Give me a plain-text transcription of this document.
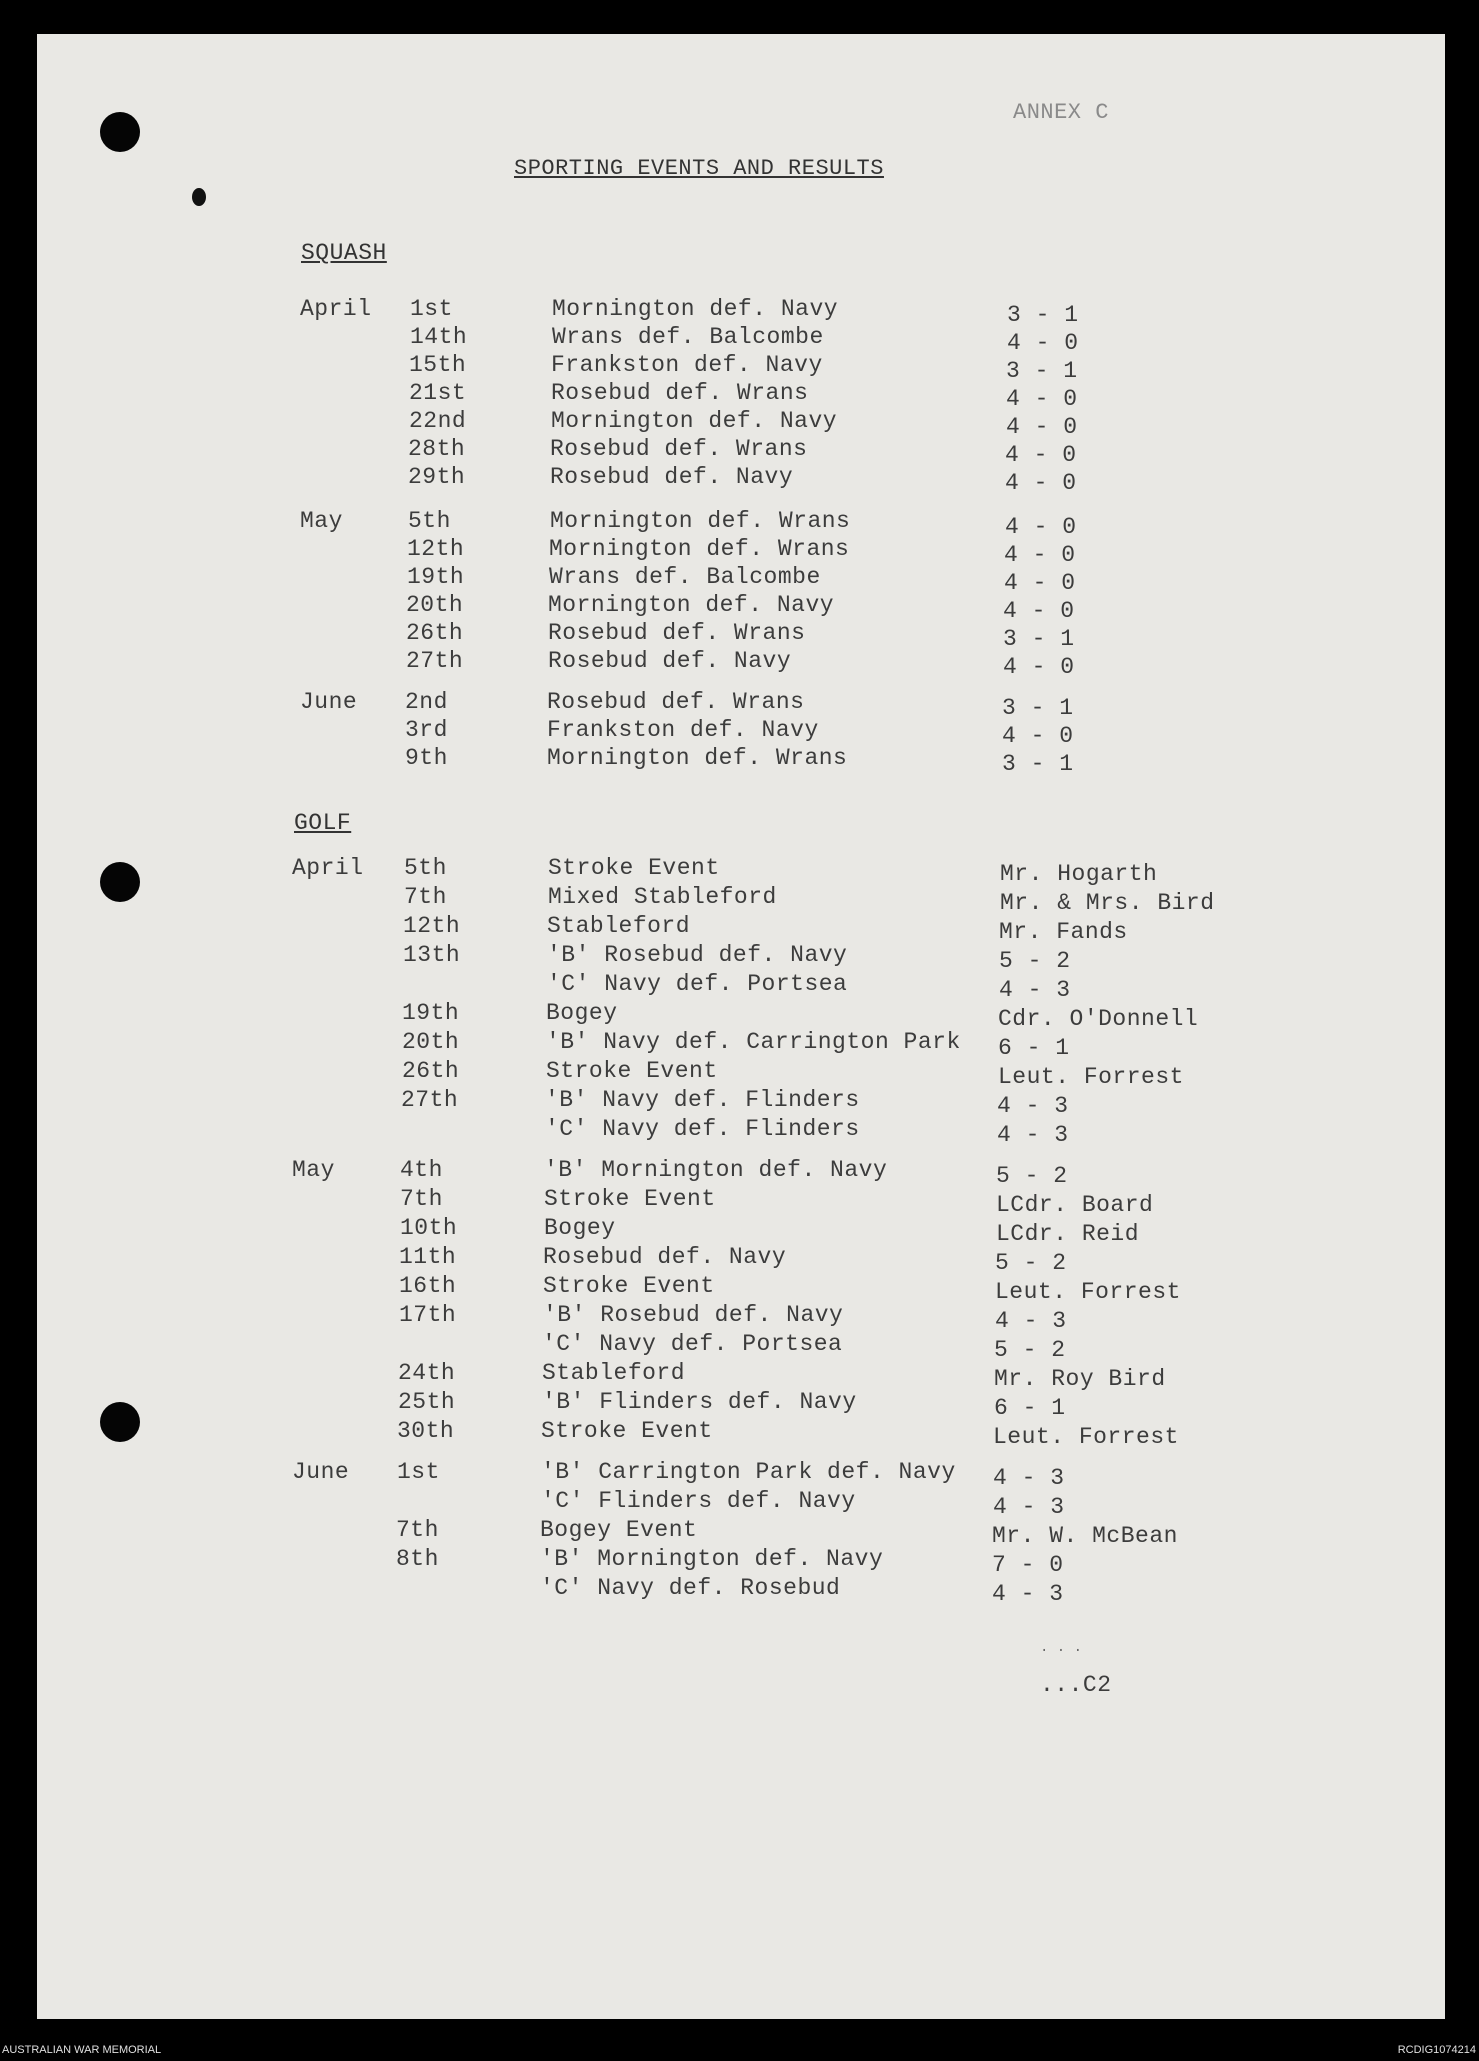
ANNEX C
SPORTING EVENTS AND RESULTS
SQUASH
April 1st	Mornington def. Navy	3 - 1
14th	Wrans def. Balcombe	4 - 0
15th	Frankston def. Navy	3 - 1
21st	Rosebud def. Wrans	4 - 0
22nd	Mornington def. Navy	4 - 0
28th	Rosebud def. Wrans	4 - 0
29th	Rosebud def. Navy	4 - 0
May	5th	Mornington def. Wrans	4 - 0
12th	Mornington def. Wrans	4 - 0
19th	Wrans def. Balcombe	4 - 0
20th	Mornington def. Navy	4 - 0
26th	Rosebud def. Wrans	3 - 1
27th	Rosebud def. Navy	4 - 0
June 2nd	Rosebud def. Wrans	3 - 1
3rd	Frankston def. Navy	4 - 0
9th	Mornington def. Wrans	3 - 1
GOLF
April 5th	Stroke Event	Mr. Hogarth
7th	Mixed Stableford	Mr. & Mrs. Bird
12th	Stableford	Mr. Fands
13th	'B' Rosebud def. Navy	5 - 2
'C' Navy def. Portsea	4 - 3
19th	Bogey	Cdr. O'Donnell
20th	'B' Navy def. Carrington Park 6 - 1
26th	Stroke Event	Leut. Forrest
27th	'B' Navy def. Flinders	4 - 3
'C' Navy def. Flinders	4 - 3
May	4th	'B' Mornington def. Navy	5 - 2
7th	Stroke Event	LCdr. Board
10th	Bogey	LCdr. Reid
11th	Rosebud def. Navy	5 - 2
16th	Stroke Event	Leut. Forrest
17th	'B' Rosebud def. Navy	4 - 3
'C' Navy def. Portsea	5 - 2
24th	Stableford	Mr. Roy Bird
25th	'B' Flinders def. Navy	6 - 1
30th	Stroke Event	Leut. Forrest
June 1st	'B' Carrington Park def. Navy 4 - 3
'C' Flinders def. Navy	4 - 3
7th	Bogey Event	Mr. W. McBean
8th	'B' Mornington def. Navy	7 - 0
'C' Navy def. Rosebud	4 - 3
. . .
...C2
AUSTRALIAN WAR MEMORIAL	RCDIG1074214
